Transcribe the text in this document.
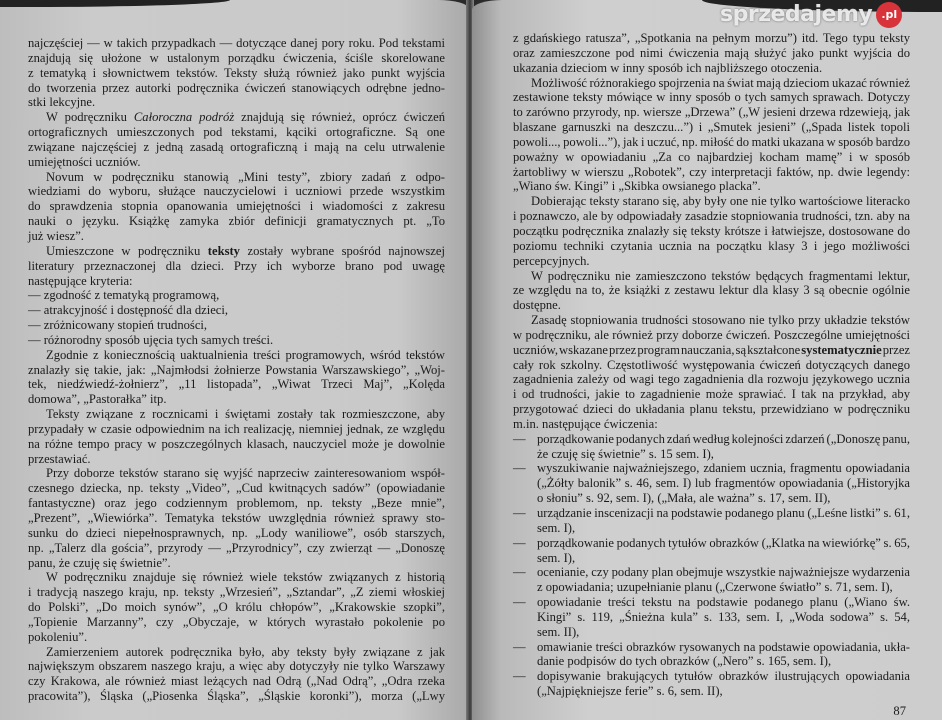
najczęściej — w takich przypadkach — dotyczące danej pory roku. Pod tekstami
znajdują się ułożone w ustalonym porządku ćwiczenia, ściśle skorelowane
z tematyką i słownictwem tekstów. Teksty służą również jako punkt wyjścia
do tworzenia przez autorki podręcznika ćwiczeń stanowiących odrębne jedno-
stki lekcyjne.
W podręczniku Całoroczna podróż znajdują się również, oprócz ćwiczeń
ortograficznych umieszczonych pod tekstami, kąciki ortograficzne. Są one
związane najczęściej z jedną zasadą ortograficzną i mają na celu utrwalenie
umiejętności uczniów.
Novum w podręczniku stanowią „Mini testy”, zbiory zadań z odpo-
wiedziami do wyboru, służące nauczycielowi i uczniowi przede wszystkim
do sprawdzenia stopnia opanowania umiejętności i wiadomości z zakresu
nauki o języku. Książkę zamyka zbiór definicji gramatycznych pt. „To
już wiesz”.
Umieszczone w podręczniku teksty zostały wybrane spośród najnowszej
literatury przeznaczonej dla dzieci. Przy ich wyborze brano pod uwagę
następujące kryteria:
— zgodność z tematyką programową,
— atrakcyjność i dostępność dla dzieci,
— zróżnicowany stopień trudności,
— różnorodny sposób ujęcia tych samych treści.
Zgodnie z koniecznością uaktualnienia treści programowych, wśród tekstów
znalazły się takie, jak: „Najmłodsi żołnierze Powstania Warszawskiego”, „Woj-
tek, niedźwiedź-żołnierz”, „11 listopada”, „Wiwat Trzeci Maj”, „Kolęda
domowa”, „Pastorałka” itp.
Teksty związane z rocznicami i świętami zostały tak rozmieszczone, aby
przypadały w czasie odpowiednim na ich realizację, niemniej jednak, ze względu
na różne tempo pracy w poszczególnych klasach, nauczyciel może je dowolnie
przestawiać.
Przy doborze tekstów starano się wyjść naprzeciw zainteresowaniom współ-
czesnego dziecka, np. teksty „Video”, „Cud kwitnących sadów” (opowiadanie
fantastyczne) oraz jego codziennym problemom, np. teksty „Beze mnie”,
„Prezent”, „Wiewiórka”. Tematyka tekstów uwzględnia również sprawy sto-
sunku do dzieci niepełnosprawnych, np. „Lody waniliowe”, osób starszych,
np. „Talerz dla gościa”, przyrody — „Przyrodnicy”, czy zwierząt — „Donoszę
panu, że czuję się świetnie”.
W podręczniku znajduje się również wiele tekstów związanych z historią
i tradycją naszego kraju, np. teksty „Wrzesień”, „Sztandar”, „Z ziemi włoskiej
do Polski”, „Do moich synów”, „O królu chłopów”, „Krakowskie szopki”,
„Topienie Marzanny”, czy „Obyczaje, w których wyrastało pokolenie po
pokoleniu”.
Zamierzeniem autorek podręcznika było, aby teksty były związane z jak
największym obszarem naszego kraju, a więc aby dotyczyły nie tylko Warszawy
czy Krakowa, ale również miast leżących nad Odrą („Nad Odrą”, „Odra rzeka
pracowita”), Śląska („Piosenka Śląska”, „Śląskie koronki”), morza („Lwy
z gdańskiego ratusza”, „Spotkania na pełnym morzu”) itd. Tego typu teksty
oraz zamieszczone pod nimi ćwiczenia mają służyć jako punkt wyjścia do
ukazania dzieciom w inny sposób ich najbliższego otoczenia.
Możliwość różnorakiego spojrzenia na świat mają dzieciom ukazać również
zestawione teksty mówiące w inny sposób o tych samych sprawach. Dotyczy
to zarówno przyrody, np. wiersze „Drzewa” („W jesieni drzewa rdzewieją, jak
blaszane garnuszki na deszczu...”) i „Smutek jesieni” („Spada listek topoli
powoli..., powoli...”), jak i uczuć, np. miłość do matki ukazana w sposób bardzo
poważny w opowiadaniu „Za co najbardziej kocham mamę” i w sposób
żartobliwy w wierszu „Robotek”, czy interpretacji faktów, np. dwie legendy:
„Wiano św. Kingi” i „Skibka owsianego placka”.
Dobierając teksty starano się, aby były one nie tylko wartościowe literacko
i poznawczo, ale by odpowiadały zasadzie stopniowania trudności, tzn. aby na
początku podręcznika znalazły się teksty krótsze i łatwiejsze, dostosowane do
poziomu techniki czytania ucznia na początku klasy 3 i jego możliwości
percepcyjnych.
W podręczniku nie zamieszczono tekstów będących fragmentami lektur,
ze względu na to, że książki z zestawu lektur dla klasy 3 są obecnie ogólnie
dostępne.
Zasadę stopniowania trudności stosowano nie tylko przy układzie tekstów
w podręczniku, ale również przy doborze ćwiczeń. Poszczególne umiejętności
uczniów, wskazane przez program nauczania, są kształcone systematycznie przez
cały rok szkolny. Częstotliwość występowania ćwiczeń dotyczących danego
zagadnienia zależy od wagi tego zagadnienia dla rozwoju językowego ucznia
i od trudności, jakie to zagadnienie może sprawiać. I tak na przykład, aby
przygotować dzieci do układania planu tekstu, przewidziano w podręczniku
m.in. następujące ćwiczenia:
— porządkowanie podanych zdań według kolejności zdarzeń („Donoszę panu,
że czuję się świetnie” s. 15 sem. I),
— wyszukiwanie najważniejszego, zdaniem ucznia, fragmentu opowiadania
(„Żółty balonik” s. 46, sem. I) lub fragmentów opowiadania („Historyjka
o słoniu” s. 92, sem. I), („Mała, ale ważna” s. 17, sem. II),
— urządzanie inscenizacji na podstawie podanego planu („Leśne listki” s. 61,
sem. I),
— porządkowanie podanych tytułów obrazków („Klatka na wiewiórkę” s. 65,
sem. I),
— ocenianie, czy podany plan obejmuje wszystkie najważniejsze wydarzenia
z opowiadania; uzupełnianie planu („Czerwone światło” s. 71, sem. I),
— opowiadanie treści tekstu na podstawie podanego planu („Wiano św.
Kingi” s. 119, „Śnieżna kula” s. 133, sem. I, „Woda sodowa” s. 54,
sem. II),
— omawianie treści obrazków rysowanych na podstawie opowiadania, ukła-
danie podpisów do tych obrazków („Nero” s. 165, sem. I),
— dopisywanie brakujących tytułów obrazków ilustrujących opowiadania
(„Najpiękniejsze ferie” s. 6, sem. II),
87
sprzedajemy .pl
